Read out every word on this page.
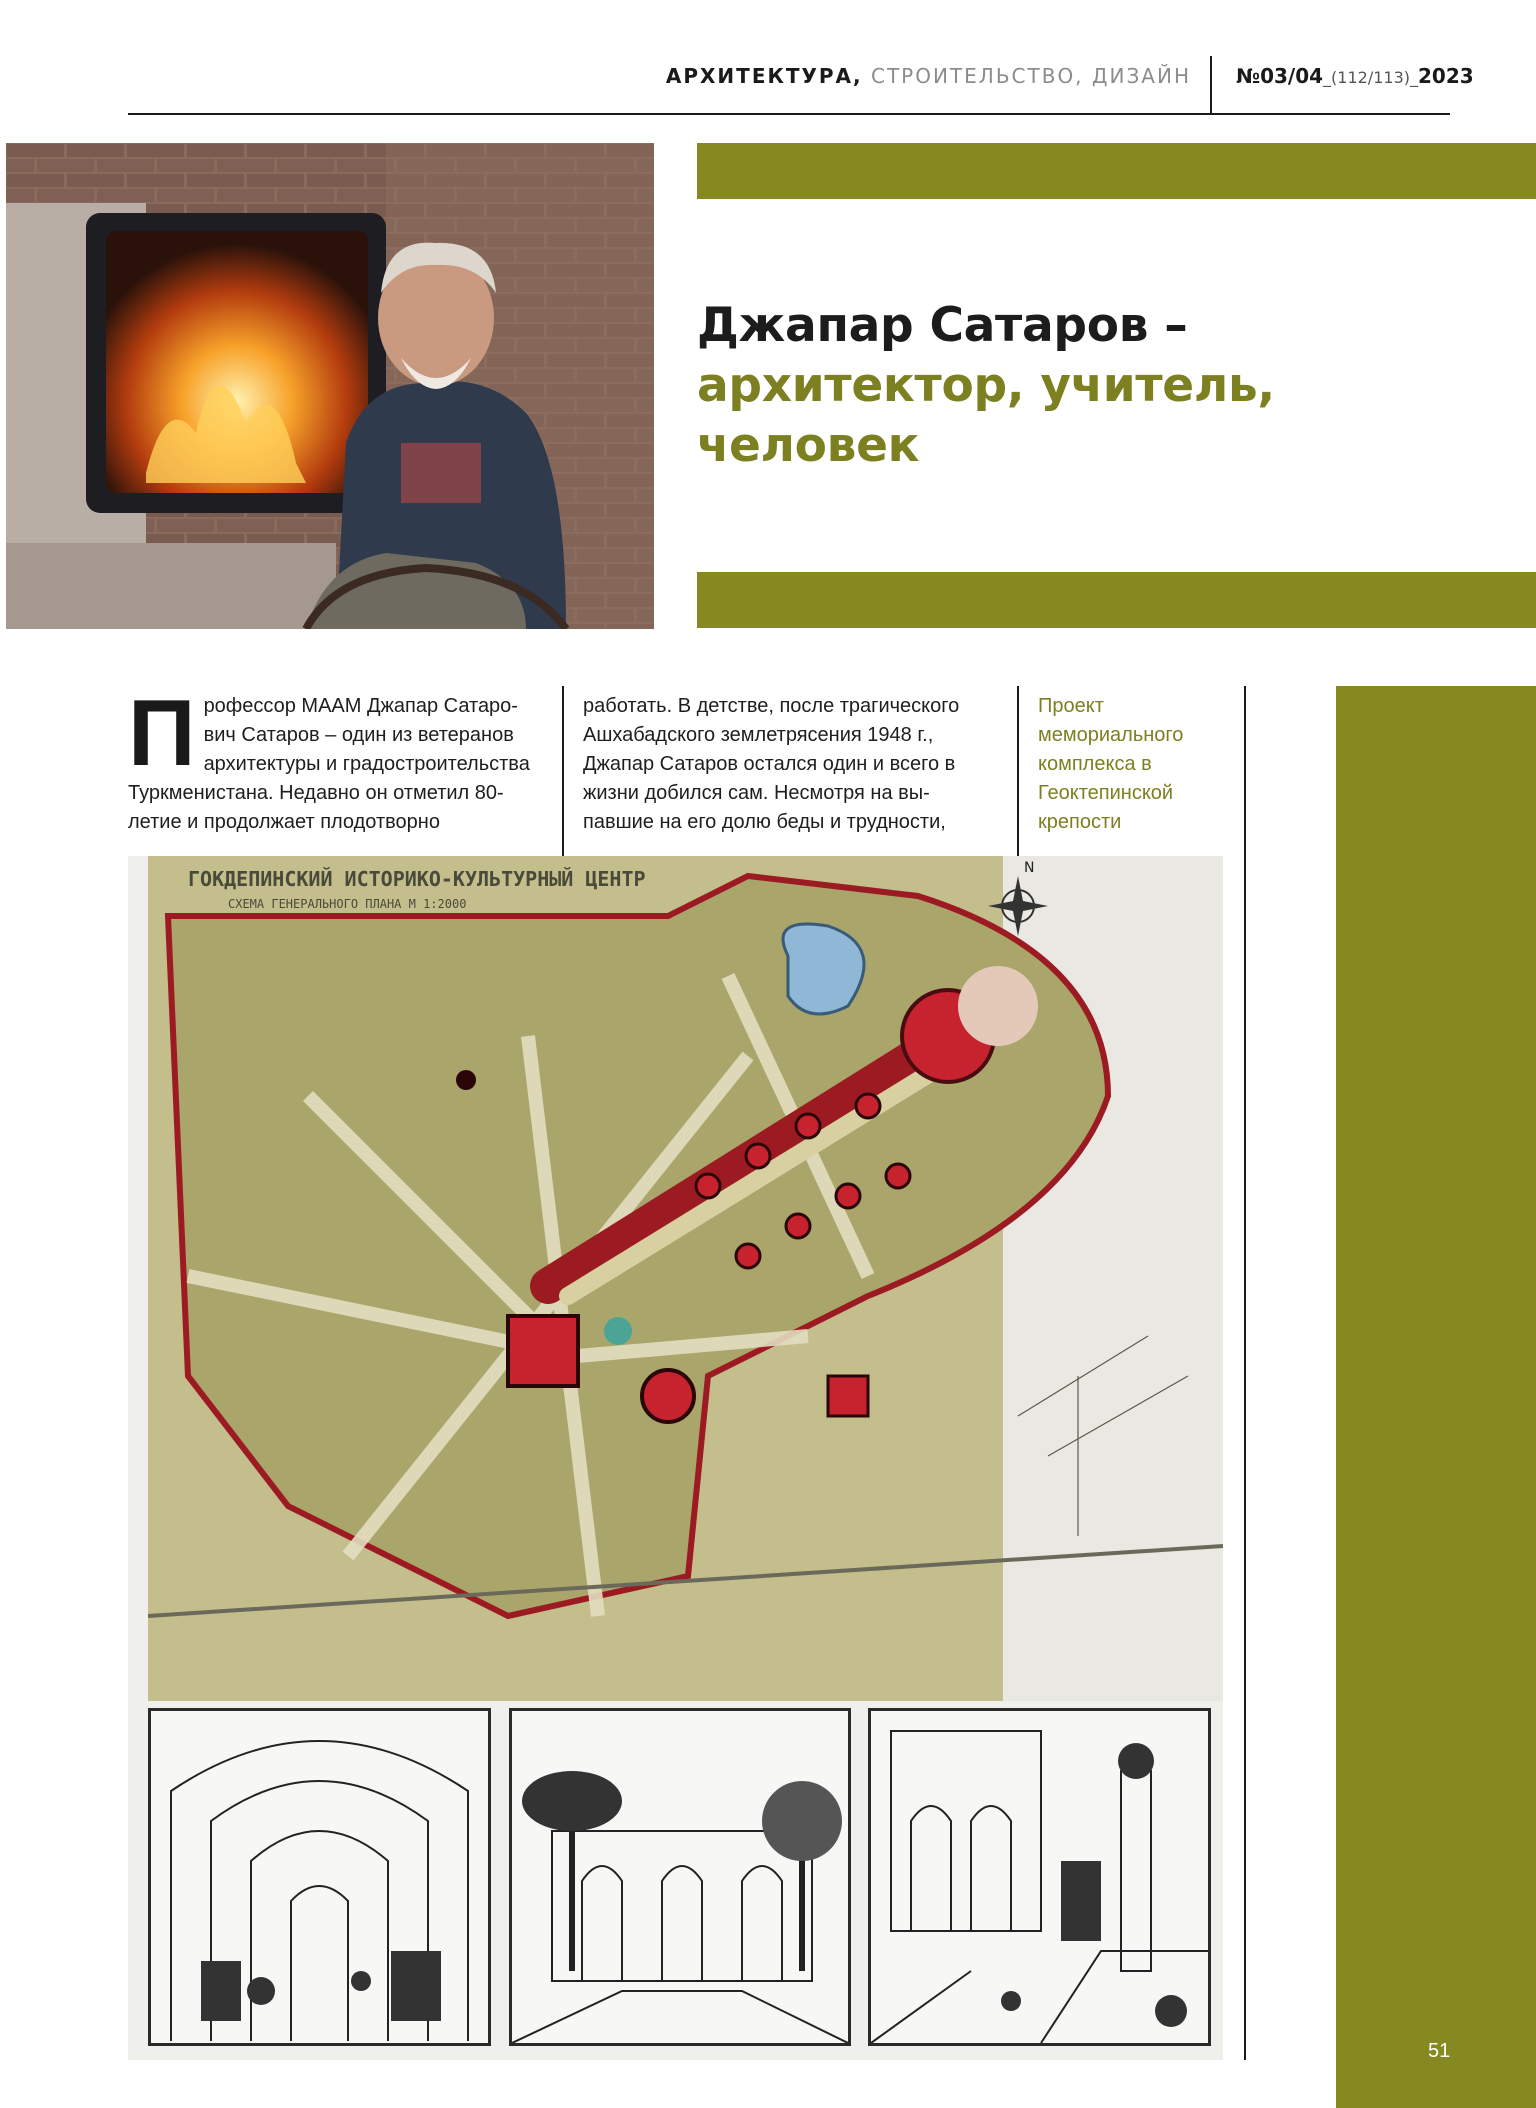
АРХИТЕКТУРА, СТРОИТЕЛЬСТВО, ДИЗАЙН №03/04_(112/113)_2023
Джапар Сатаров –
архитектор, учитель, человек
Профессор МААМ Джапар Сатаро-вич Сатаров – один из ветеранов архитектуры и градостроительства Туркменистана. Недавно он отметил 80-летие и продолжает плодотворно
работать. В детстве, после трагического Ашхабадского землетрясения 1948 г., Джапар Сатаров остался один и всего в жизни добился сам. Несмотря на вы-павшие на его долю беды и трудности,
Проект мемориального комплекса в Геоктепинской крепости
N
ГОКДЕПИНСКИЙ ИСТОРИКО-КУЛЬТУРНЫЙ ЦЕНТР
СХЕМА ГЕНЕРАЛЬНОГО ПЛАНА М 1:2000
51
